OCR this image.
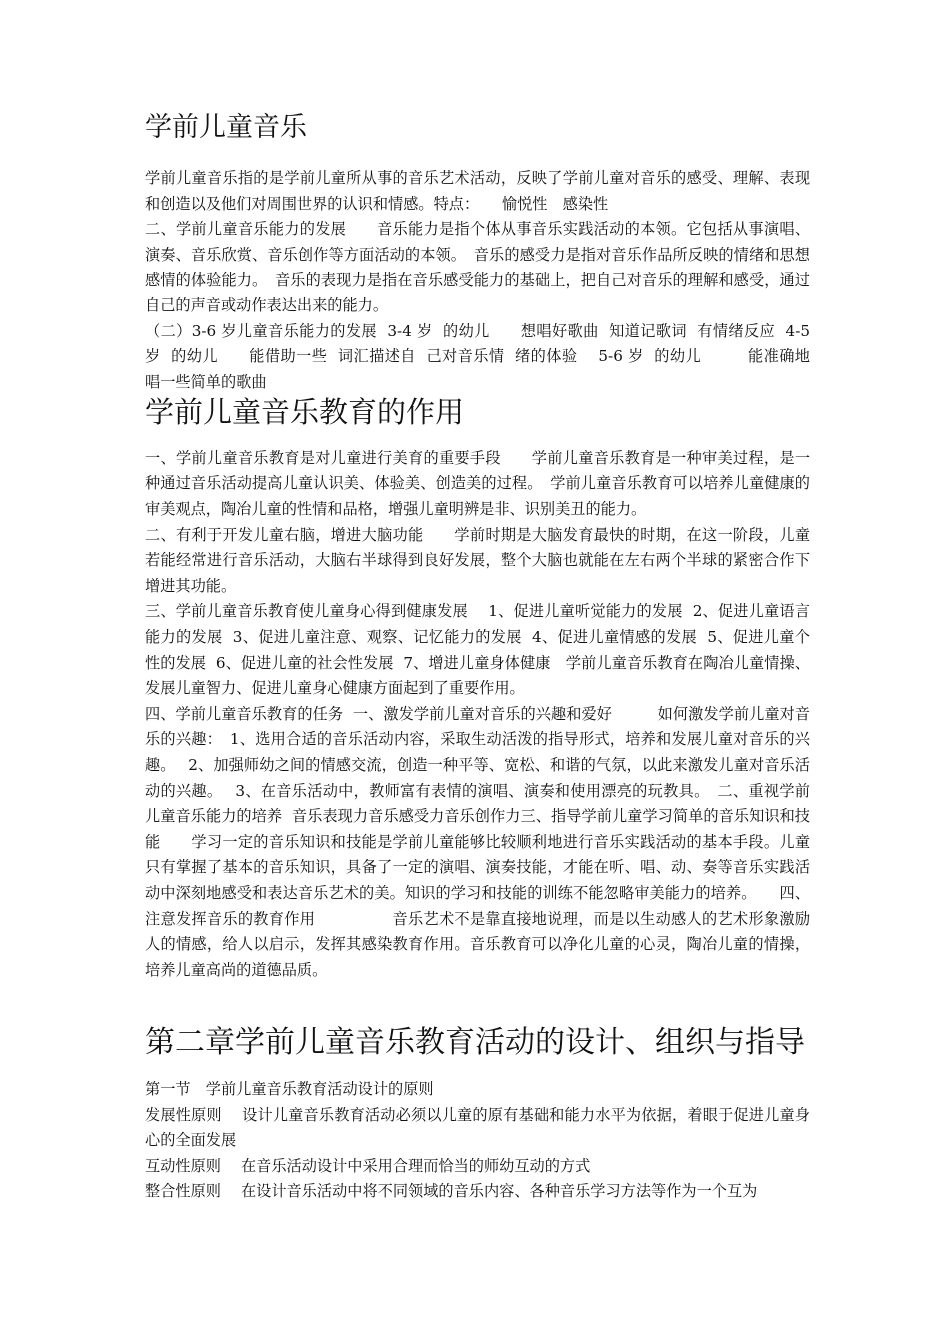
学前儿童音乐

学前儿童音乐指的是学前儿童所从事的音乐艺术活动，反映了学前儿童对音乐的感受、理解、表现和创造以及他们对周围世界的认识和情感。特点：　　愉悦性　感染性

二、学前儿童音乐能力的发展　　音乐能力是指个体从事音乐实践活动的本领。它包括从事演唱、演奏、音乐欣赏、音乐创作等方面活动的本领。　音乐的感受力是指对音乐作品所反映的情绪和思想感情的体验能力。　音乐的表现力是指在音乐感受能力的基础上，把自己对音乐的理解和感受，通过自己的声音或动作表达出来的能力。

（二）3-6 岁儿童音乐能力的发展  3-4 岁  的幼儿　　想唱好歌曲  知道记歌词  有情绪反应  4-5 岁  的幼儿　　能借助一些  词汇描述自  己对音乐情  绪的体验　 5-6 岁  的幼儿　　　能准确地  唱一些简单的歌曲

学前儿童音乐教育的作用

一、学前儿童音乐教育是对儿童进行美育的重要手段　　学前儿童音乐教育是一种审美过程，是一种通过音乐活动提高儿童认识美、体验美、创造美的过程。　学前儿童音乐教育可以培养儿童健康的审美观点，陶冶儿童的性情和品格，增强儿童明辨是非、识别美丑的能力。

二、有利于开发儿童右脑，增进大脑功能　　学前时期是大脑发育最快的时期，在这一阶段，儿童若能经常进行音乐活动，大脑右半球得到良好发展，整个大脑也就能在左右两个半球的紧密合作下增进其功能。

三、学前儿童音乐教育使儿童身心得到健康发展　 1、促进儿童听觉能力的发展  2、促进儿童语言能力的发展  3、促进儿童注意、观察、记忆能力的发展  4、促进儿童情感的发展  5、促进儿童个性的发展  6、促进儿童的社会性发展  7、增进儿童身体健康　学前儿童音乐教育在陶冶儿童情操、发展儿童智力、促进儿童身心健康方面起到了重要作用。

四、学前儿童音乐教育的任务  一、激发学前儿童对音乐的兴趣和爱好　　　如何激发学前儿童对音乐的兴趣：　1、选用合适的音乐活动内容，采取生动活泼的指导形式，培养和发展儿童对音乐的兴趣。　 2、加强师幼之间的情感交流，创造一种平等、宽松、和谐的气氛，以此来激发儿童对音乐活动的兴趣。　 3、在音乐活动中，教师富有表情的演唱、演奏和使用漂亮的玩教具。　二、重视学前儿童音乐能力的培养  音乐表现力音乐感受力音乐创作力三、指导学前儿童学习简单的音乐知识和技能　　学习一定的音乐知识和技能是学前儿童能够比较顺利地进行音乐实践活动的基本手段。儿童只有掌握了基本的音乐知识，具备了一定的演唱、演奏技能，才能在听、唱、动、奏等音乐实践活动中深刻地感受和表达音乐艺术的美。知识的学习和技能的训练不能忽略审美能力的培养。　　四、注意发挥音乐的教育作用　　　　　音乐艺术不是靠直接地说理，而是以生动感人的艺术形象激励人的情感，给人以启示，发挥其感染教育作用。音乐教育可以净化儿童的心灵，陶冶儿童的情操，培养儿童高尚的道德品质。

第二章学前儿童音乐教育活动的设计、组织与指导

第一节　学前儿童音乐教育活动设计的原则

发展性原则　 设计儿童音乐教育活动必须以儿童的原有基础和能力水平为依据，着眼于促进儿童身心的全面发展

互动性原则　 在音乐活动设计中采用合理而恰当的师幼互动的方式

整合性原则　 在设计音乐活动中将不同领域的音乐内容、各种音乐学习方法等作为一个互为
